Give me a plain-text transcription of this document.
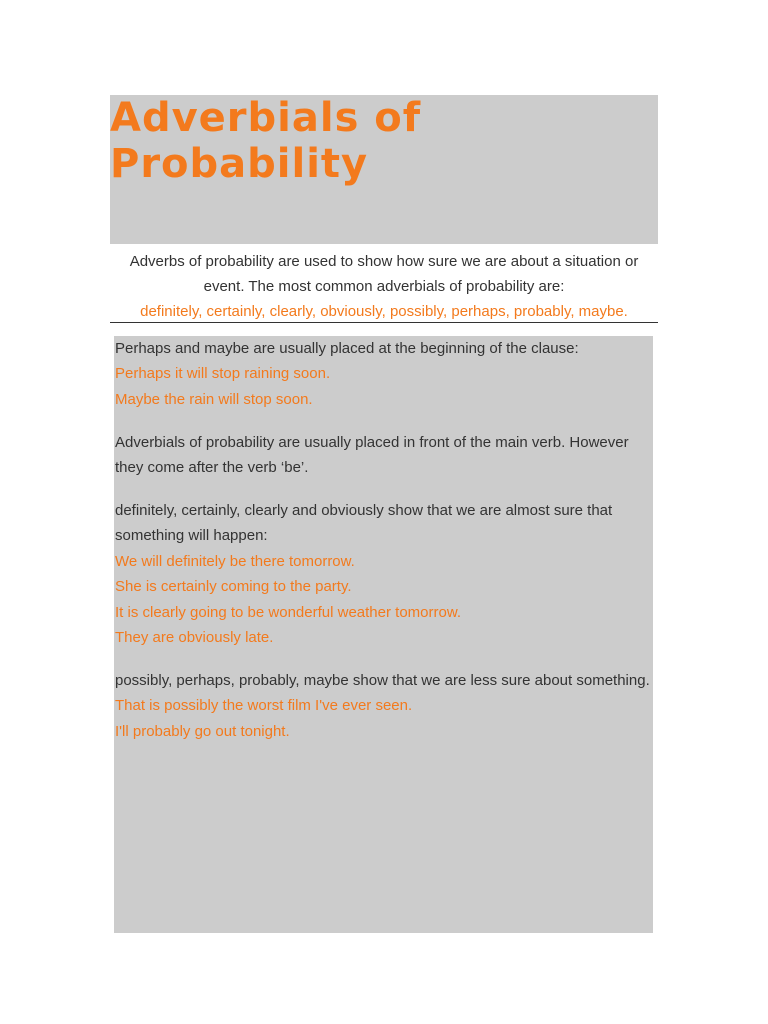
Adverbials of Probability

Adverbs of probability are used to show how sure we are about a situation or

event. The most common adverbials of probability are:

definitely, certainly, clearly, obviously, possibly, perhaps, probably, maybe.

Perhaps and maybe are usually placed at the beginning of the clause:

Perhaps it will stop raining soon.

Maybe the rain will stop soon.

Adverbials of probability are usually placed in front of the main verb. However they come after the verb ‘be’.

definitely, certainly, clearly and obviously show that we are almost sure that something will happen:

We will definitely be there tomorrow.

She is certainly coming to the party.

It is clearly going to be wonderful weather tomorrow.

They are obviously late.

possibly, perhaps, probably, maybe show that we are less sure about something.

That is possibly the worst film I've ever seen.

I'll probably go out tonight.
